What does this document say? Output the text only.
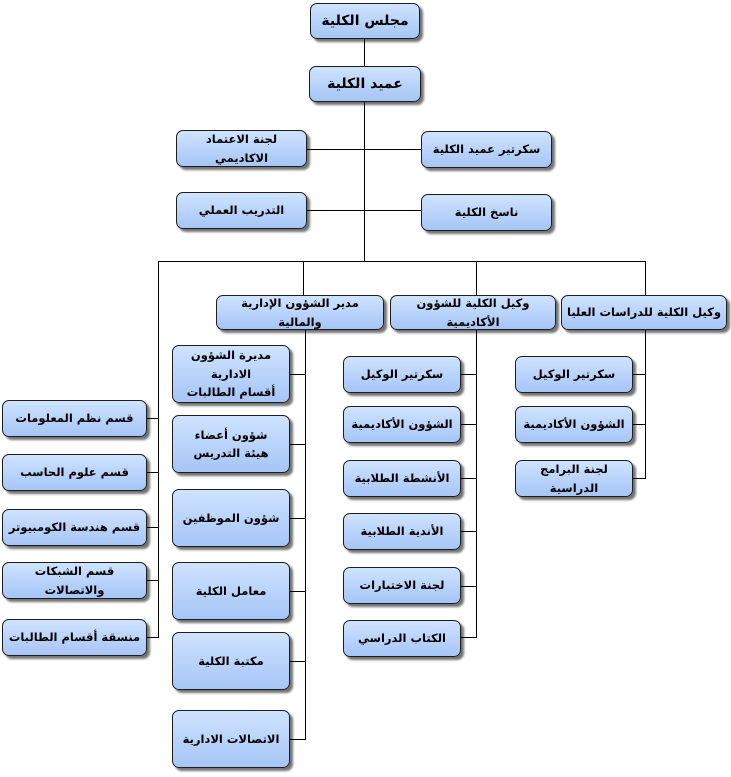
مجلس الكلية
عميد الكلية
لجنة الاعتماد الاكاديمي
سكرتير عميد الكلية
التدريب العملي	ناسخ الكلية
مدير الشؤون الإدارية والمالية
وكيل الكلية للشؤون الأكاديمية
وكيل الكلية للدراسات العليا
مديرة الشؤون الادارية
أقسام الطالبات
شؤون أعضاء
هيئة التدريس
شؤون الموظفين
معامل الكلية
مكتبة الكلية
الاتصالات الادارية
سكرتير الوكيل
الشؤون الأكاديمية
الأنشطة الطلابية
الأندية الطلابية
لجنة الاختبارات
الكتاب الدراسي
سكرتير الوكيل
الشؤون الأكاديمية
لجنة البرامج الدراسية
قسم نظم المعلومات
قسم علوم الحاسب
قسم هندسة الكومبيوتر
قسم الشبكات والاتصالات
منسقة أقسام الطالبات
